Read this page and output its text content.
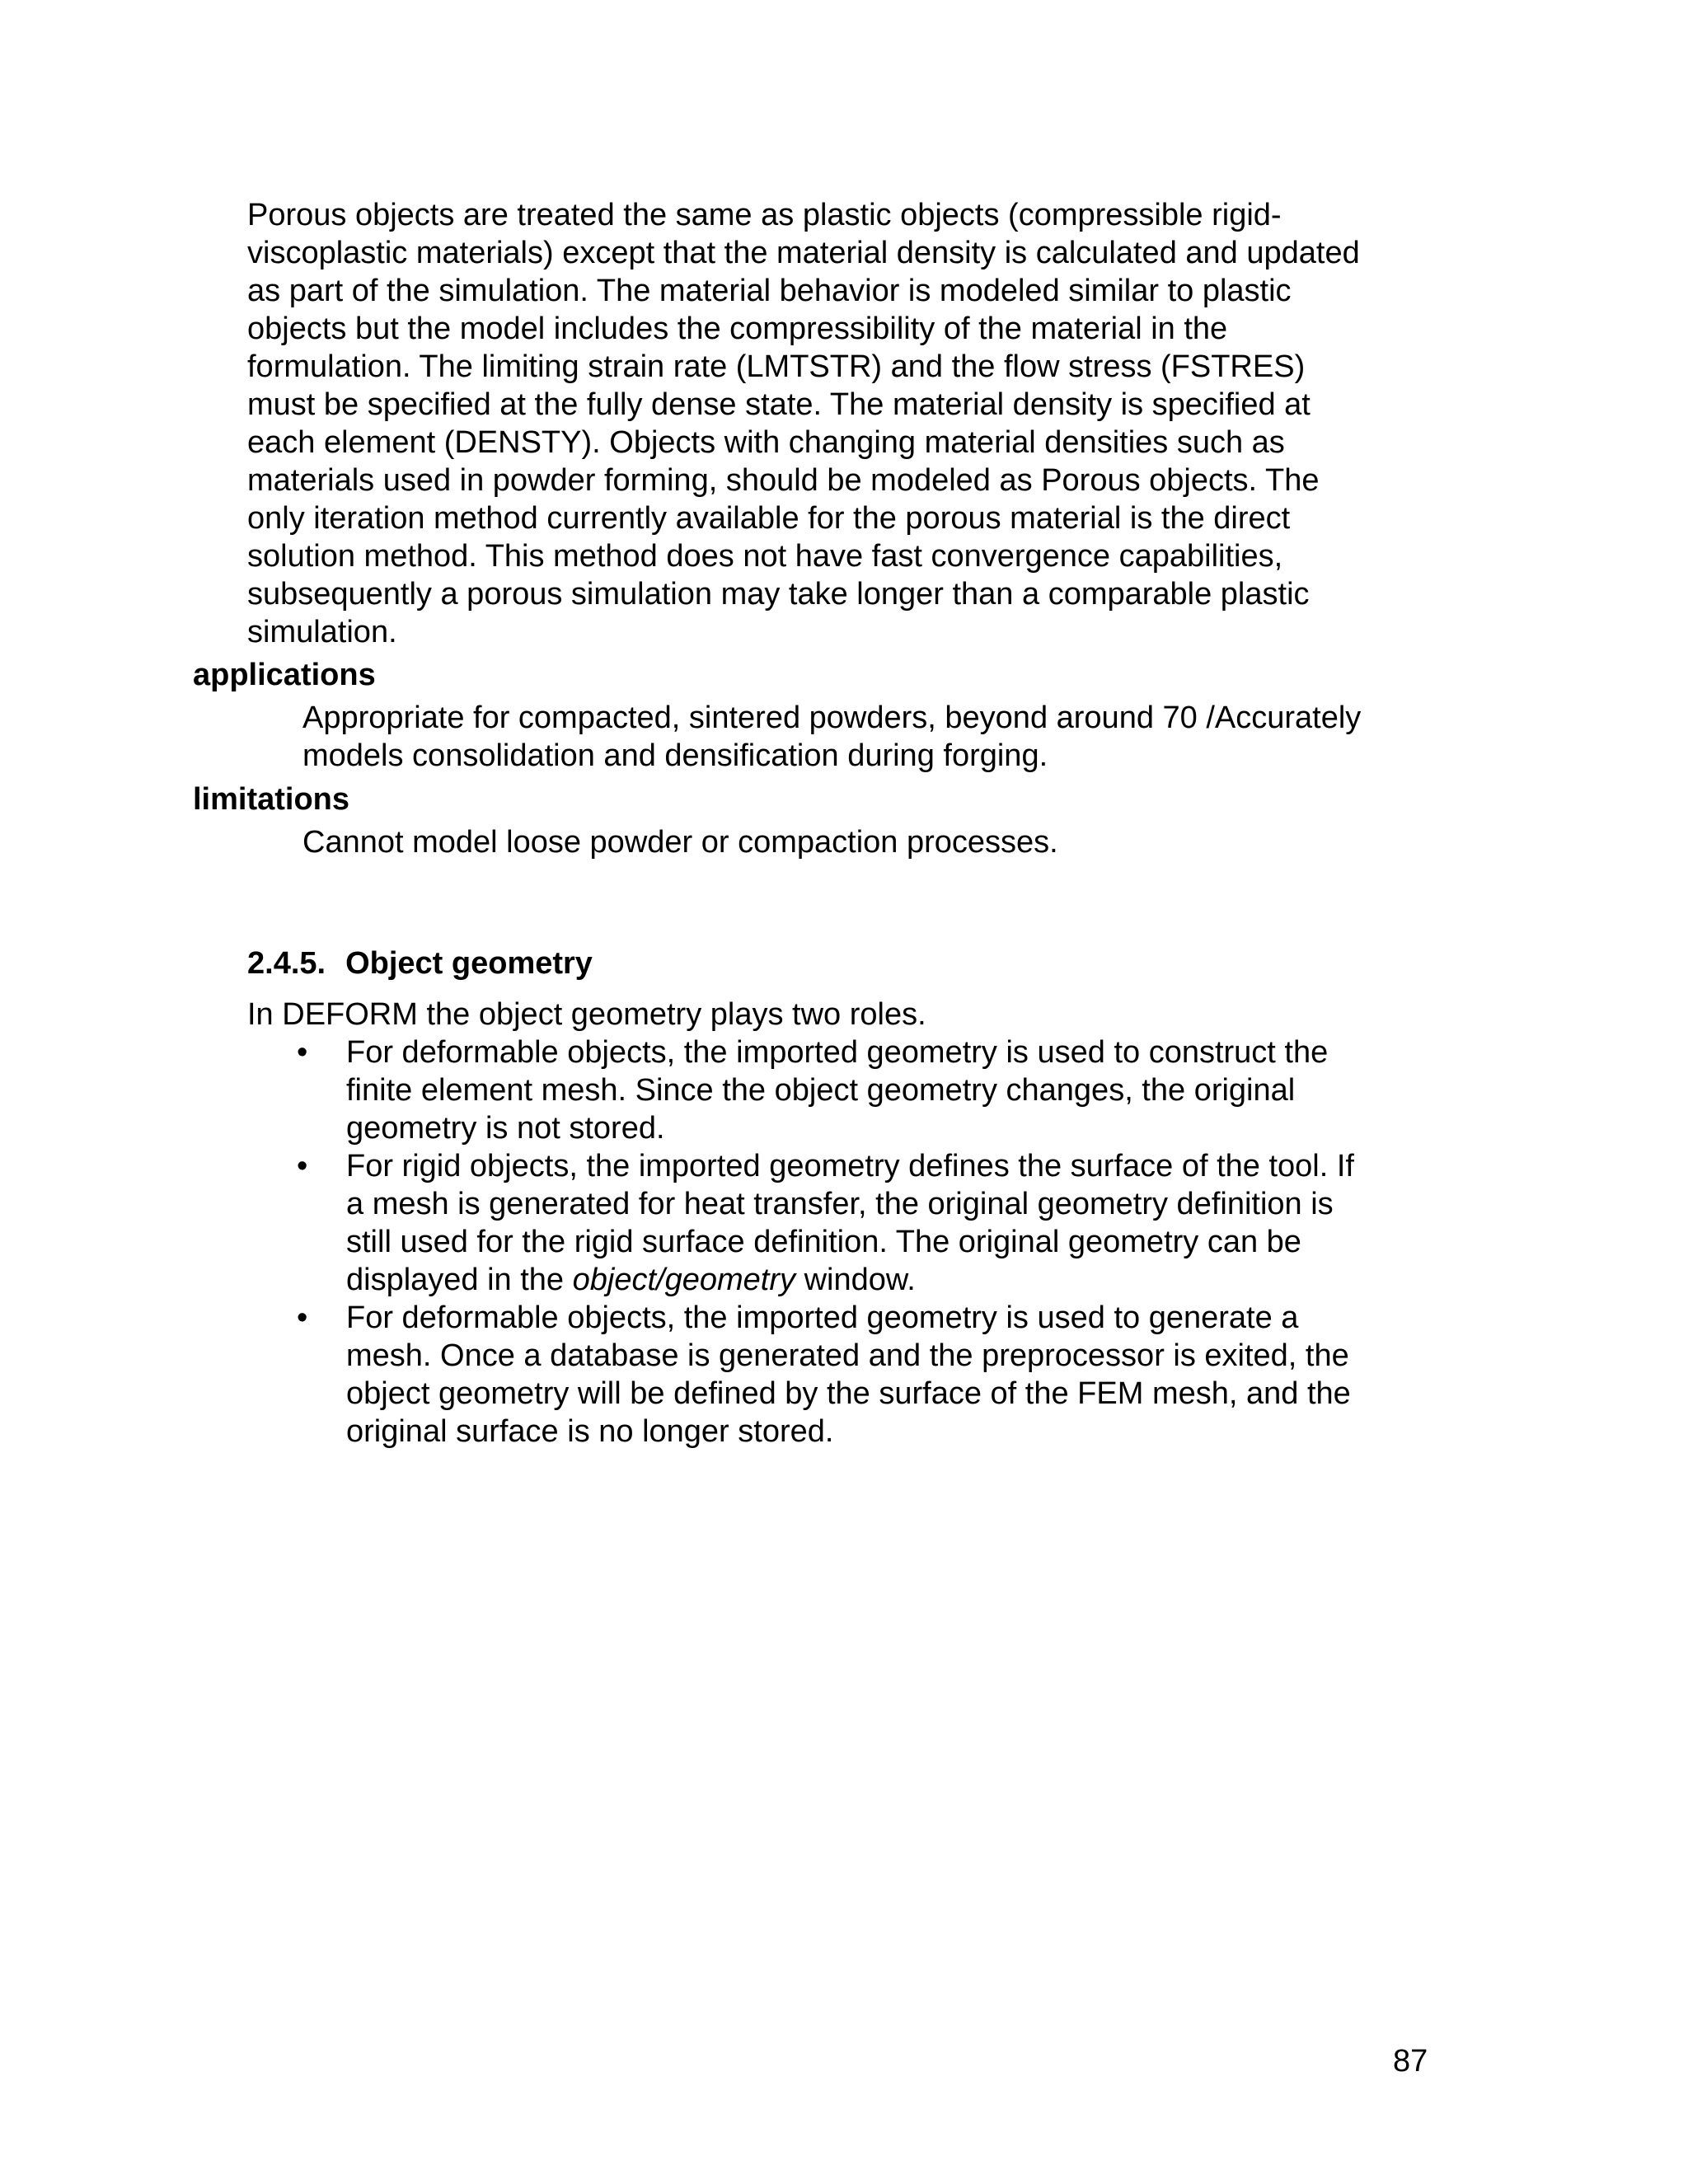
Porous objects are treated the same as plastic objects (compressible rigid-
viscoplastic materials) except that the material density is calculated and updated
as part of the simulation. The material behavior is modeled similar to plastic
objects but the model includes the compressibility of the material in the
formulation. The limiting strain rate (LMTSTR) and the flow stress (FSTRES)
must be specified at the fully dense state. The material density is specified at
each element (DENSTY). Objects with changing material densities such as
materials used in powder forming, should be modeled as Porous objects. The
only iteration method currently available for the porous material is the direct
solution method. This method does not have fast convergence capabilities,
subsequently a porous simulation may take longer than a comparable plastic
simulation.
applications
Appropriate for compacted, sintered powders, beyond around 70 /Accurately
models consolidation and densification during forging.
limitations
Cannot model loose powder or compaction processes.
2.4.5. Object geometry
In DEFORM the object geometry plays two roles.
•	For deformable objects, the imported geometry is used to construct the
finite element mesh. Since the object geometry changes, the original
geometry is not stored.
•	For rigid objects, the imported geometry defines the surface of the tool. If
a mesh is generated for heat transfer, the original geometry definition is
still used for the rigid surface definition. The original geometry can be
displayed in the object/geometry window.
•	For deformable objects, the imported geometry is used to generate a
mesh. Once a database is generated and the preprocessor is exited, the
object geometry will be defined by the surface of the FEM mesh, and the
original surface is no longer stored.
87
